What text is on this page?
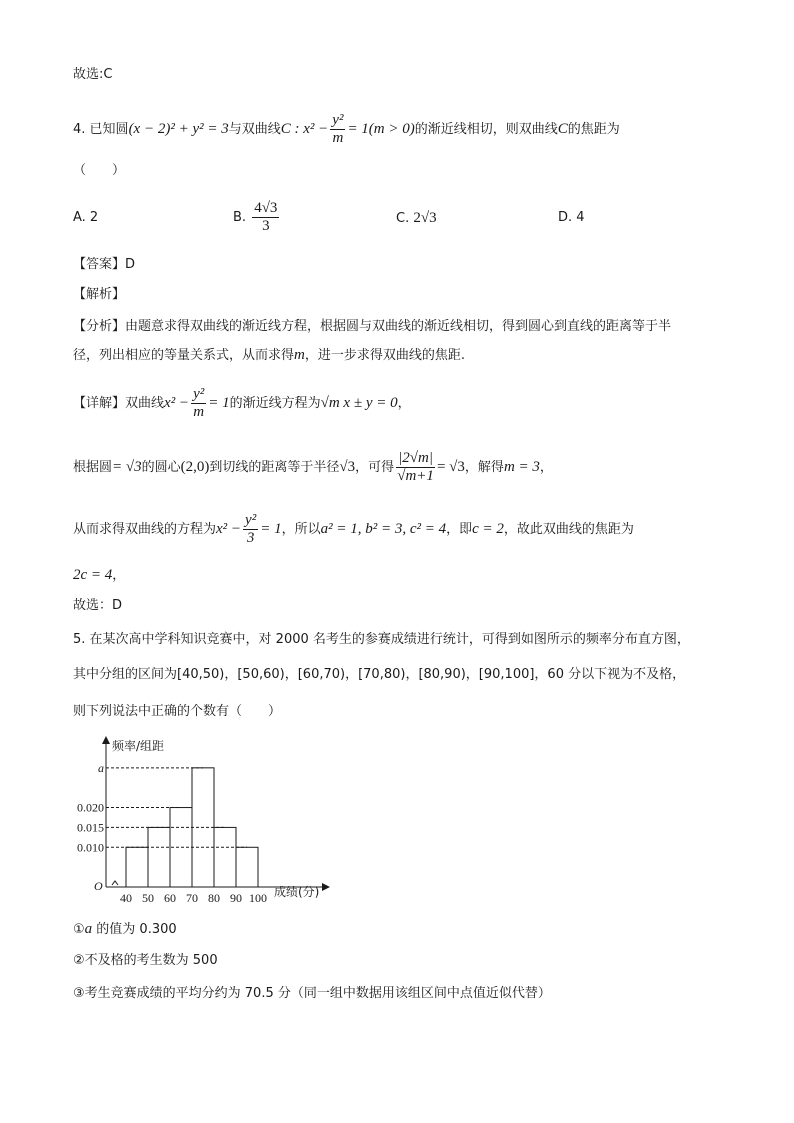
故选:C
4. 已知圆(x − 2)² + y² = 3与双曲线C : $x^2 - \frac{\text{y²}}{m} = 1(m > 0)$的渐近线相切，则双曲线C的焦距为
（　　）
A. 2	B. $\frac{4√3}{3}$	C. 2√3	D. 4
【答案】D
【解析】
【分析】由题意求得双曲线的渐近线方程，根据圆与双曲线的渐近线相切，得到圆心到直线的距离等于半
径，列出相应的等量关系式，从而求得m，进一步求得双曲线的焦距.
【详解】双曲线$x^2 - \frac{\text{y²}}{m} = 1$的渐近线方程为√m x ± y = 0，
根据圆= √3的圆心(2,0)到切线的距离等于半径√3，可得 $\frac{|2√m|}{√m+1} = √3$，解得m = 3，
从而求得双曲线的方程为$x^2 - \frac{\text{y²}}{3} = 1$，所以a² = 1, b² = 3, c² = 4，即c = 2，故此双曲线的焦距为
2c = 4，
故选：D
5. 在某次高中学科知识竞赛中，对 2000 名考生的参赛成绩进行统计，可得到如图所示的频率分布直方图，
其中分组的区间为[40,50)，[50,60)，[60,70)，[70,80)，[80,90)，[90,100]，60 分以下视为不及格，
则下列说法中正确的个数有（　　）
频率/组距
成绩(分)
O
40 50 60 70 80 90 100
0.010
0.015
0.020
a
①a 的值为 0.300
②不及格的考生数为 500
③考生竞赛成绩的平均分约为 70.5 分（同一组中数据用该组区间中点值近似代替）
